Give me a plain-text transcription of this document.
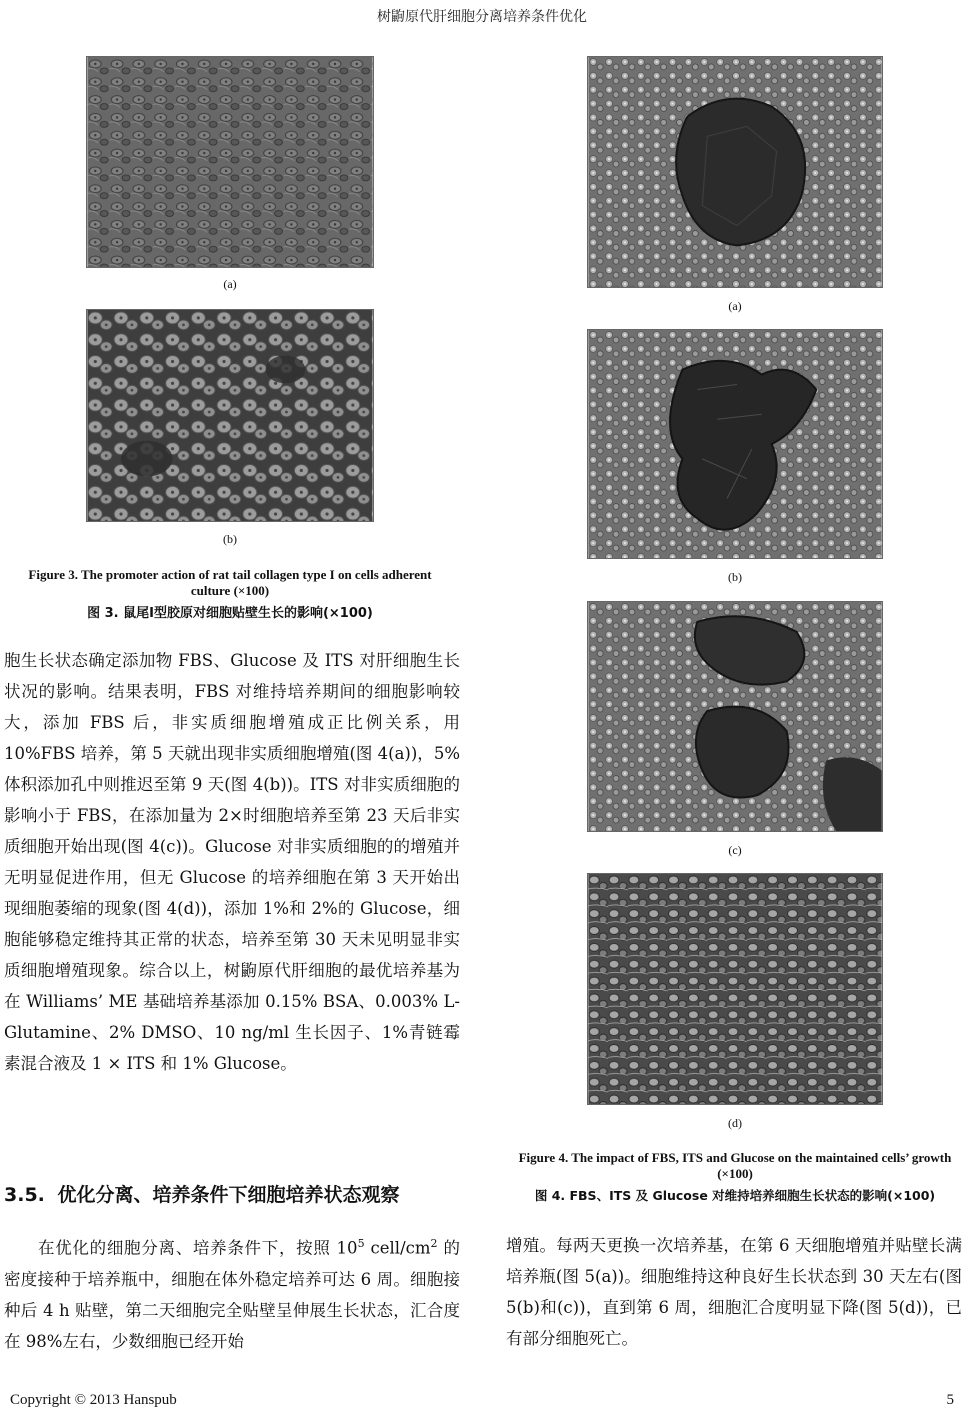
树鼩原代肝细胞分离培养条件优化
(a)
(b)
Figure 3. The promoter action of rat tail collagen type I on cells adherent culture (×100)
图 3. 鼠尾Ⅰ型胶原对细胞贴壁生长的影响(×100)

胞生长状态确定添加物 FBS、Glucose 及 ITS 对肝细胞生长状况的影响。结果表明，FBS 对维持培养期间的细胞影响较大，添加 FBS 后，非实质细胞增殖成正比例关系，用 10%FBS 培养，第 5 天就出现非实质细胞增殖(图 4(a))，5%体积添加孔中则推迟至第 9 天(图 4(b))。ITS 对非实质细胞的影响小于 FBS，在添加量为 2×时细胞培养至第 23 天后非实质细胞开始出现(图 4(c))。Glucose 对非实质细胞的的增殖并无明显促进作用，但无 Glucose 的培养细胞在第 3 天开始出现细胞萎缩的现象(图 4(d))，添加 1%和 2%的 Glucose，细胞能够稳定维持其正常的状态，培养至第 30 天未见明显非实质细胞增殖现象。综合以上，树鼩原代肝细胞的最优培养基为在 Williams’ ME 基础培养基添加 0.15% BSA、0.003% L-Glutamine、2% DMSO、10 ng/ml 生长因子、1%青链霉素混合液及 1 × ITS 和 1% Glucose。

3.5. 优化分离、培养条件下细胞培养状态观察

在优化的细胞分离、培养条件下，按照 $10^5$ cell/$cm^2$ 的密度接种于培养瓶中，细胞在体外稳定培养可达 6 周。细胞接种后 4 h 贴壁，第二天细胞完全贴壁呈伸展生长状态，汇合度在 98%左右，少数细胞已经开始

(a)
(b)
(c)
(d)
Figure 4. The impact of FBS, ITS and Glucose on the maintained cells’ growth (×100)
图 4. FBS、ITS 及 Glucose 对维持培养细胞生长状态的影响(×100)

增殖。每两天更换一次培养基，在第 6 天细胞增殖并贴壁长满培养瓶(图 5(a))。细胞维持这种良好生长状态到 30 天左右(图 5(b)和(c))，直到第 6 周，细胞汇合度明显下降(图 5(d))，已有部分细胞死亡。

Copyright © 2013 Hanspub	5
